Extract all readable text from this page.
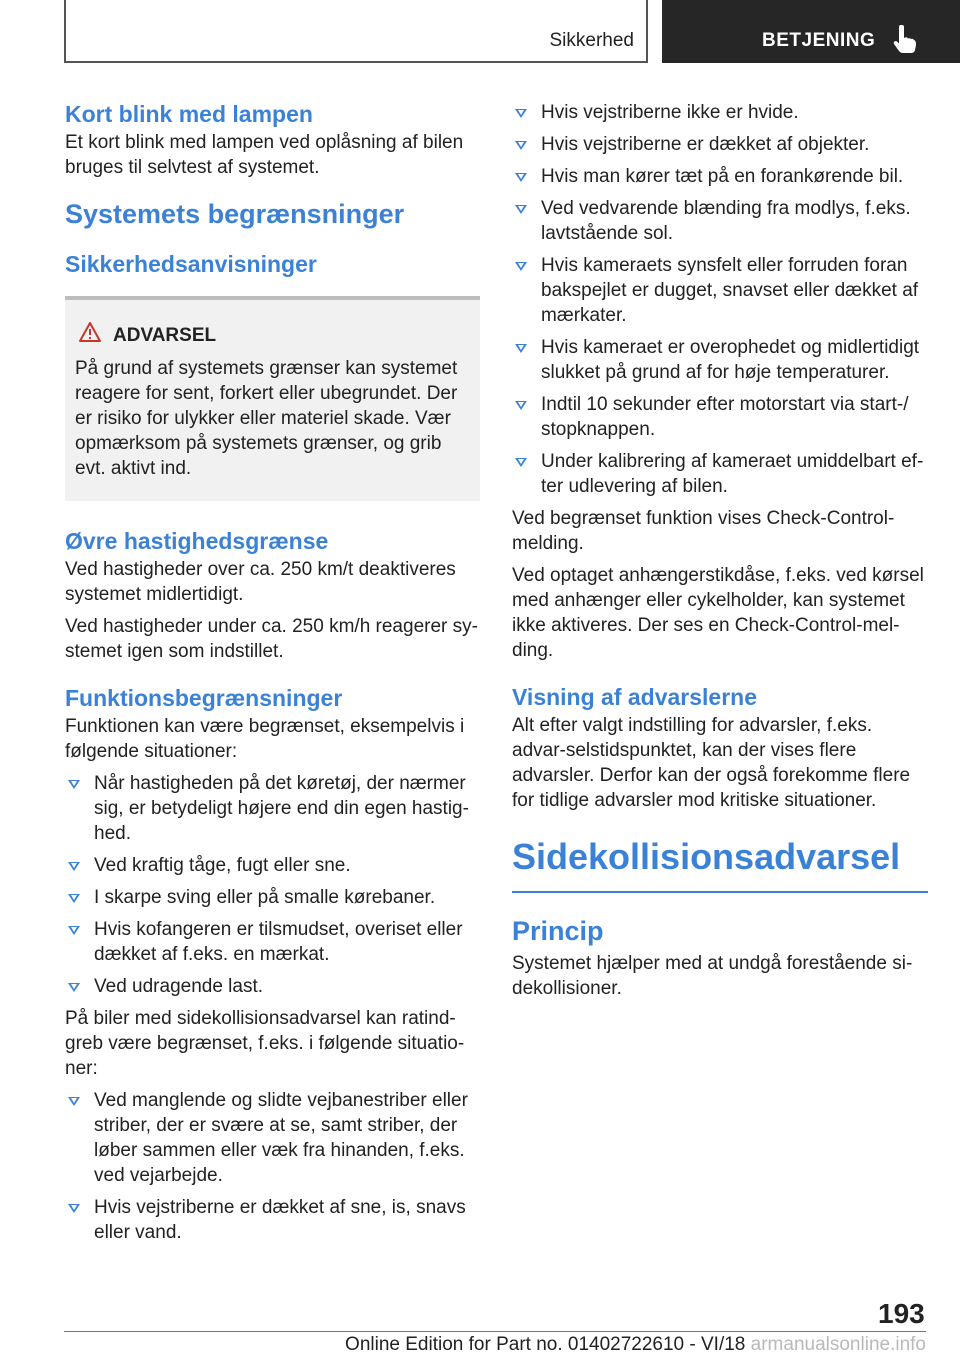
Sikkerhed	BETJENING
Kort blink med lampen

Et kort blink med lampen ved oplåsning af bilen bruges til selvtest af systemet.

Systemets begrænsninger
Sikkerhedsanvisninger
ADVARSEL

På grund af systemets grænser kan systemet reagere for sent, forkert eller ubegrundet. Der er risiko for ulykker eller materiel skade. Vær opmærksom på systemets grænser, og grib evt. aktivt ind.

Øvre hastighedsgrænse

Ved hastigheder over ca. 250 km/t deaktiveres systemet midlertidigt.

Ved hastigheder under ca. 250 km/h reagerer sy-stemet igen som indstillet.

Funktionsbegrænsninger

Funktionen kan være begrænset, eksempelvis i følgende situationer:

Når hastigheden på det køretøj, der nærmer sig, er betydeligt højere end din egen hastig-hed.
Ved kraftig tåge, fugt eller sne.
I skarpe sving eller på smalle kørebaner.
Hvis kofangeren er tilsmudset, overiset eller dækket af f.eks. en mærkat.
Ved udragende last.

På biler med sidekollisionsadvarsel kan ratind-greb være begrænset, f.eks. i følgende situatio-ner:

Ved manglende og slidte vejbanestriber eller striber, der er svære at se, samt striber, der løber sammen eller væk fra hinanden, f.eks. ved vejarbejde.
Hvis vejstriberne er dækket af sne, is, snavs eller vand.
Hvis vejstriberne ikke er hvide.
Hvis vejstriberne er dækket af objekter.
Hvis man kører tæt på en forankørende bil.
Ved vedvarende blænding fra modlys, f.eks. lavtstående sol.
Hvis kameraets synsfelt eller forruden foran bakspejlet er dugget, snavset eller dækket af mærkater.
Hvis kameraet er overophedet og midlertidigt slukket på grund af for høje temperaturer.
Indtil 10 sekunder efter motorstart via start-/ stopknappen.
Under kalibrering af kameraet umiddelbart ef-ter udlevering af bilen.

Ved begrænset funktion vises Check-Control-melding.

Ved optaget anhængerstikdåse, f.eks. ved kørsel med anhænger eller cykelholder, kan systemet ikke aktiveres. Der ses en Check-Control-mel-ding.

Visning af advarslerne

Alt efter valgt indstilling for advarsler, f.eks. advar-selstidspunktet, kan der vises flere advarsler. Derfor kan der også forekomme flere for tidlige advarsler mod kritiske situationer.

Sidekollisionsadvarsel
Princip

Systemet hjælper med at undgå forestående si-dekollisioner.

193
Online Edition for Part no. 01402722610 - VI/18 armanualsonline.info
